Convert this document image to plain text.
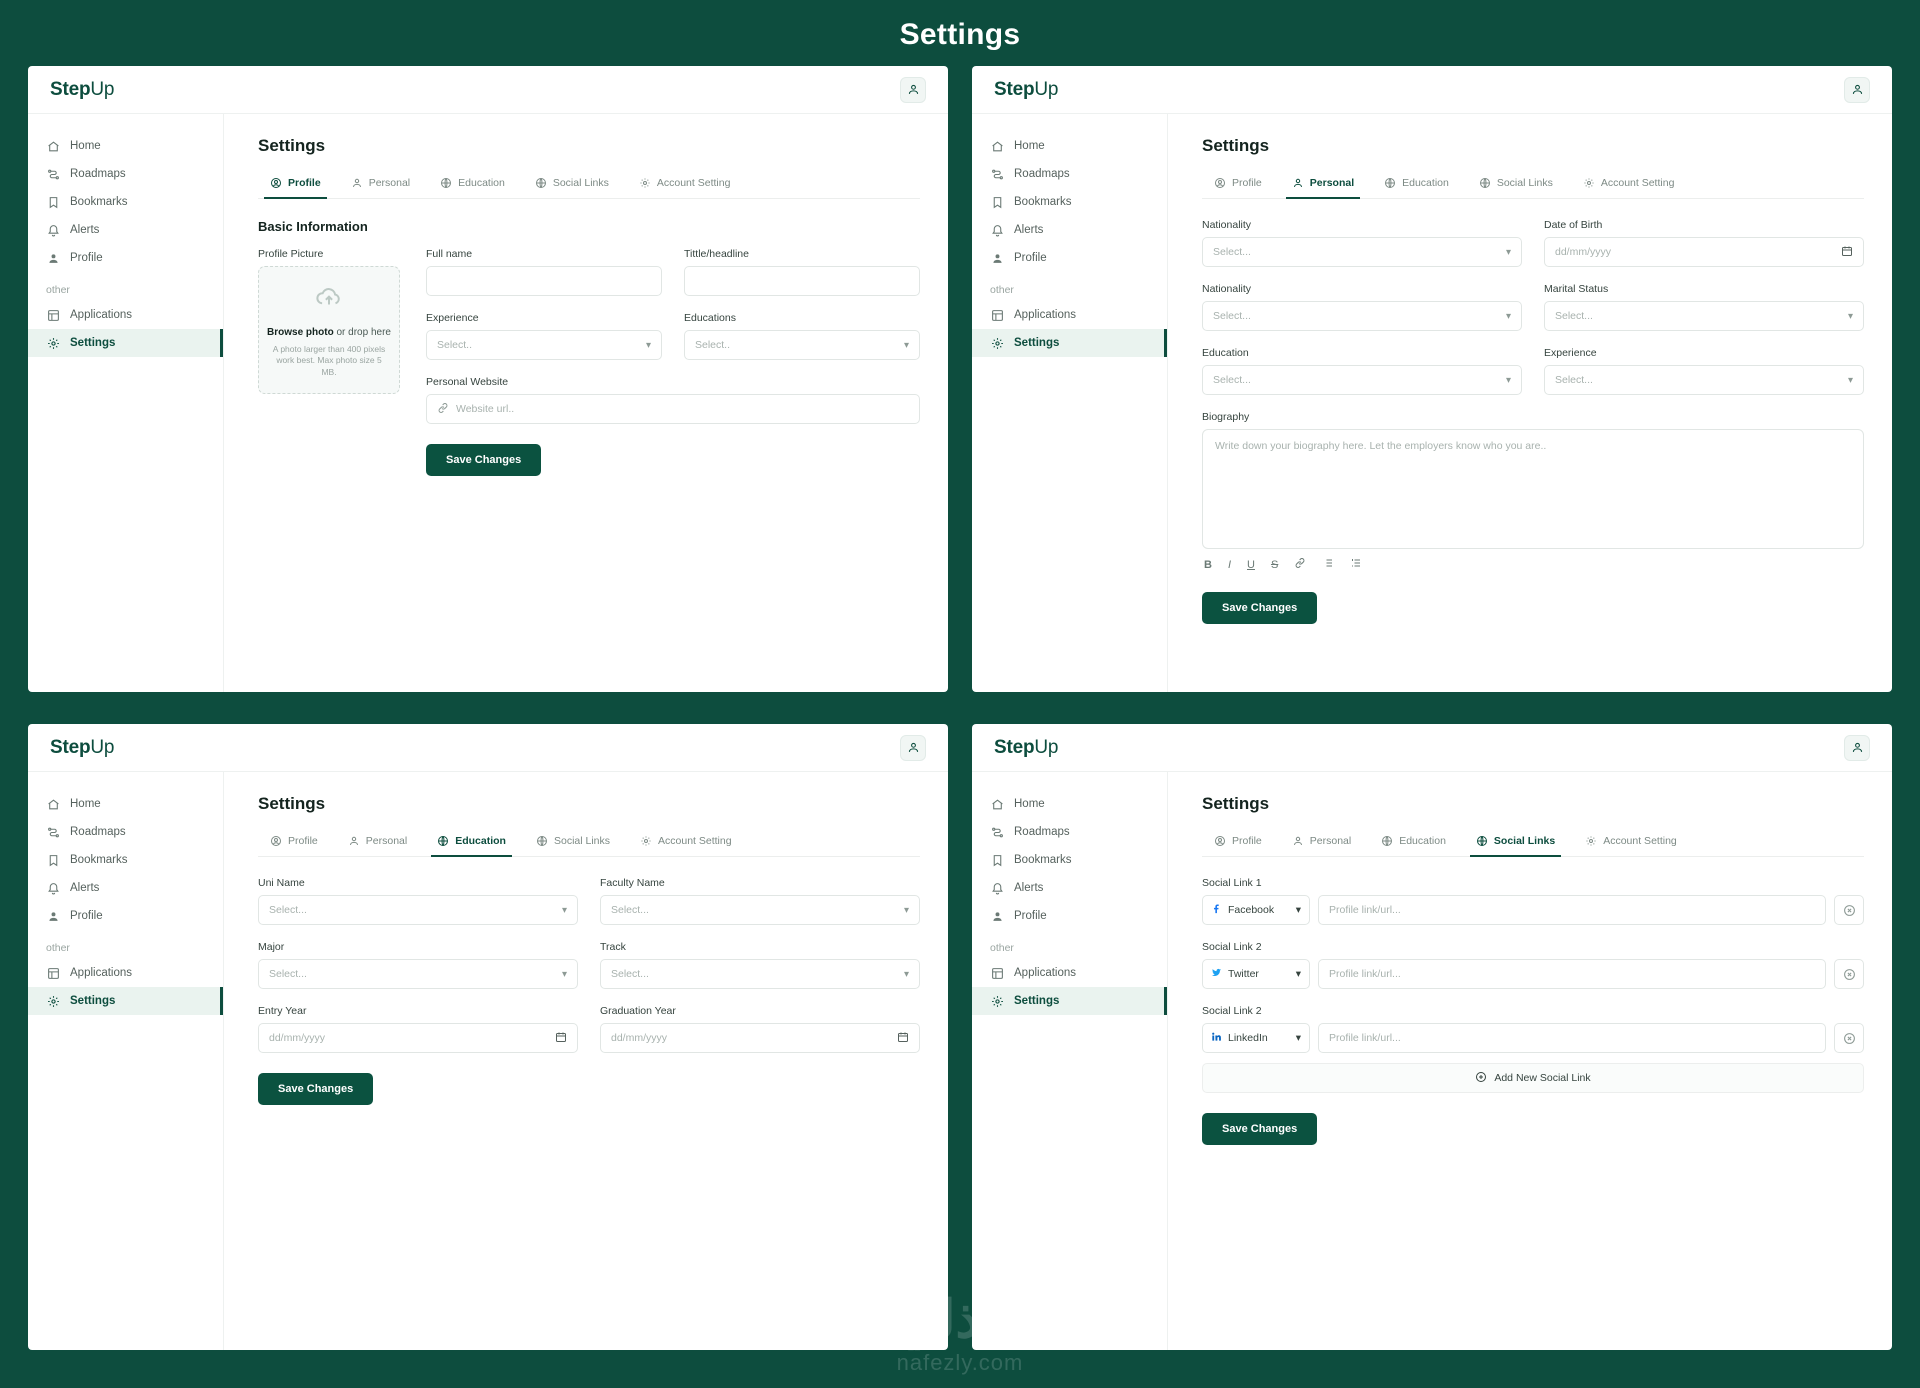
Settings
StepUp
Home
Roadmaps
Bookmarks
Alerts
Profile
other
Applications
Settings
Settings
Profile	Personal	Education	Social Links	Account Setting
Basic Information
Profile Picture
Browse photo or drop here
A photo larger than 400 pixels work best. Max photo size 5 MB.
Full name	Tittle/headline
Experience
Select..	▾
Educations
Select..	▾
Personal Website
Website url..
Save Changes
StepUp
Home
Roadmaps
Bookmarks
Alerts
Profile
other
Applications
Settings
Settings
Profile	Personal	Education	Social Links	Account Setting
Nationality
Select...	▾
Date of Birth
dd/mm/yyyy
Nationality
Select...	▾
Marital Status
Select...	▾
Education
Select...	▾
Experience
Select...	▾
Biography
Write down your biography here. Let the employers know who you are..
B I U S
Save Changes
StepUp
Home
Roadmaps
Bookmarks
Alerts
Profile
other
Applications
Settings
Settings
Profile	Personal	Education	Social Links	Account Setting
Uni Name
Select...	▾
Faculty Name
Select...	▾
Major
Select...	▾
Track
Select...	▾
Entry Year
dd/mm/yyyy
Graduation Year
dd/mm/yyyy
Save Changes
StepUp
Home
Roadmaps
Bookmarks
Alerts
Profile
other
Applications
Settings
Settings
Profile	Personal	Education	Social Links	Account Setting
Social Link 1
Facebook ▾	Profile link/url...
Social Link 2
Twitter	▾	Profile link/url...
Social Link 2
LinkedIn	▾	Profile link/url...
Add New Social Link
Save Changes
نفذلي
nafezly.com
